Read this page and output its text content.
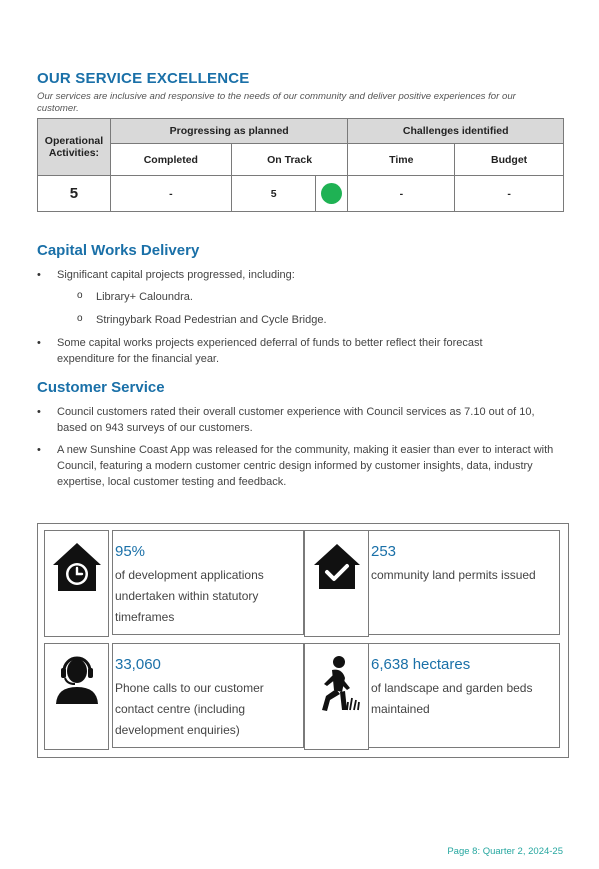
OUR SERVICE EXCELLENCE

Our services are inclusive and responsive to the needs of our community and deliver positive experiences for our customer.

Operational Activities:	Progressing as planned			Challenges identified	
	Completed	On Track		Time	Budget
5	-	5		-	-
Capital Works Delivery
• Significant capital projects progressed, including:
o Library+ Caloundra.
o Stringybark Road Pedestrian and Cycle Bridge.
• Some capital works projects experienced deferral of funds to better reflect their forecast expenditure for the financial year.
Customer Service
• Council customers rated their overall customer experience with Council services as 7.10 out of 10, based on 943 surveys of our customers.
• A new Sunshine Coast App was released for the community, making it easier than ever to interact with Council, featuring a modern customer centric design informed by customer insights, data, industry expertise, local customer testing and feedback.
95%
of development applications undertaken within statutory timeframes
253
community land permits issued
33,060
Phone calls to our customer contact centre (including development enquiries)
6,638 hectares
of landscape and garden beds maintained
Page 8: Quarter 2, 2024-25
